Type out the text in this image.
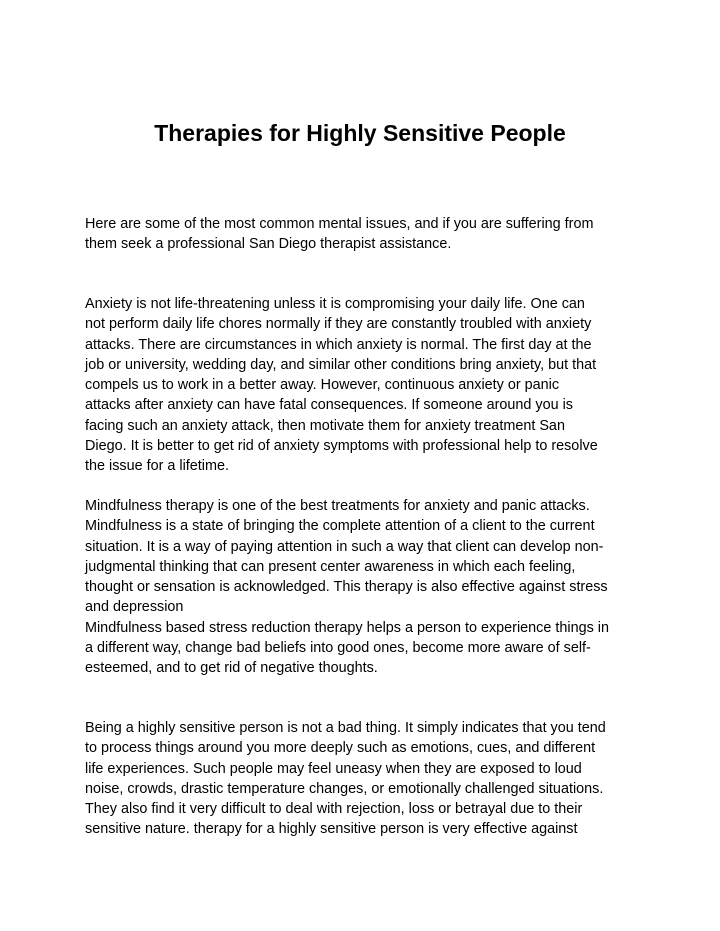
Therapies for Highly Sensitive People
Here are some of the most common mental issues, and if you are suffering from
them seek a professional San Diego therapist assistance.
Anxiety is not life-threatening unless it is compromising your daily life. One can
not perform daily life chores normally if they are constantly troubled with anxiety
attacks. There are circumstances in which anxiety is normal. The first day at the
job or university, wedding day, and similar other conditions bring anxiety, but that
compels us to work in a better away. However, continuous anxiety or panic
attacks after anxiety can have fatal consequences. If someone around you is
facing such an anxiety attack, then motivate them for anxiety treatment San
Diego. It is better to get rid of anxiety symptoms with professional help to resolve
the issue for a lifetime.
Mindfulness therapy is one of the best treatments for anxiety and panic attacks.
Mindfulness is a state of bringing the complete attention of a client to the current
situation. It is a way of paying attention in such a way that client can develop non-
judgmental thinking that can present center awareness in which each feeling,
thought or sensation is acknowledged. This therapy is also effective against stress
and depression
Mindfulness based stress reduction therapy helps a person to experience things in
a different way, change bad beliefs into good ones, become more aware of self-
esteemed, and to get rid of negative thoughts.
Being a highly sensitive person is not a bad thing. It simply indicates that you tend
to process things around you more deeply such as emotions, cues, and different
life experiences. Such people may feel uneasy when they are exposed to loud
noise, crowds, drastic temperature changes, or emotionally challenged situations.
They also find it very difficult to deal with rejection, loss or betrayal due to their
sensitive nature. therapy for a highly sensitive person is very effective against
